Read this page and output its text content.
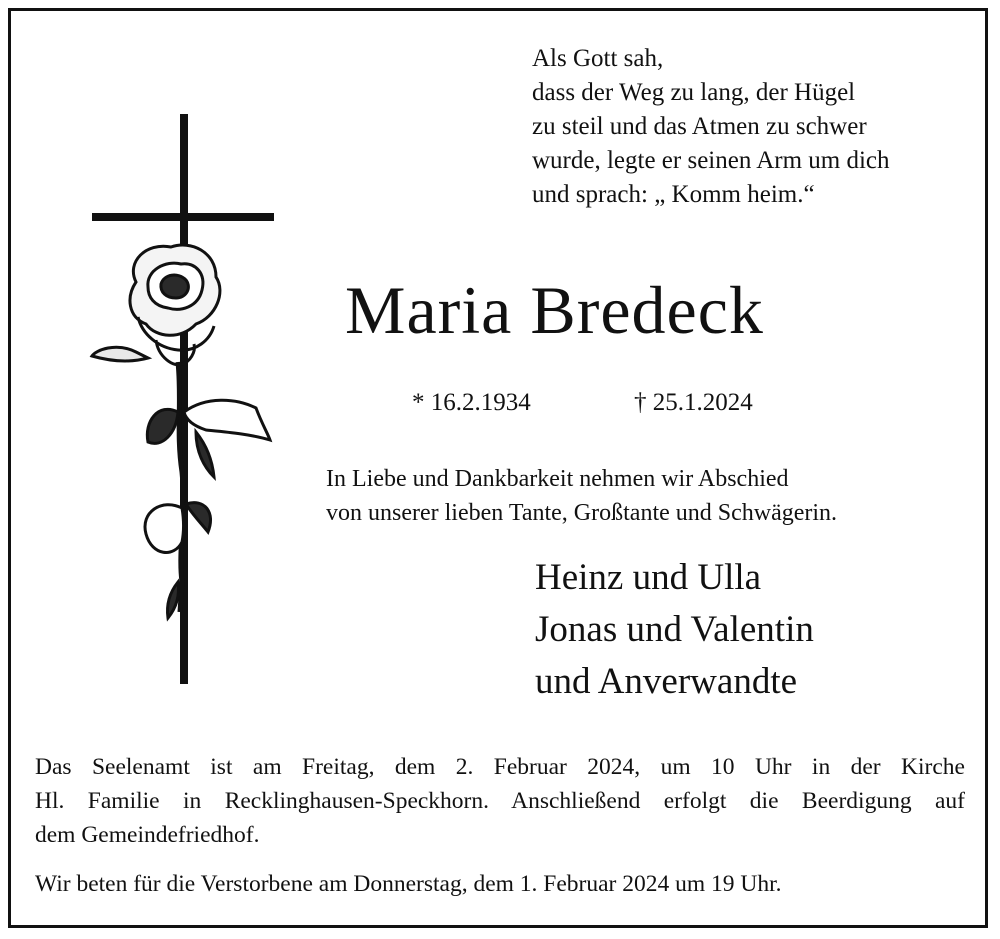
Als Gott sah,
dass der Weg zu lang, der Hügel
zu steil und das Atmen zu schwer
wurde, legte er seinen Arm um dich
und sprach: „ Komm heim.“
Maria Bredeck
* 16.2.1934	† 25.1.2024
In Liebe und Dankbarkeit nehmen wir Abschied
von unserer lieben Tante, Großtante und Schwägerin.
Heinz und Ulla
Jonas und Valentin
und Anverwandte
Das Seelenamt ist am Freitag, dem 2. Februar 2024, um 10 Uhr in der Kirche
Hl. Familie in Recklinghausen-Speckhorn. Anschließend erfolgt die Beerdigung auf
dem Gemeindefriedhof.
Wir beten für die Verstorbene am Donnerstag, dem 1. Februar 2024 um 19 Uhr.
